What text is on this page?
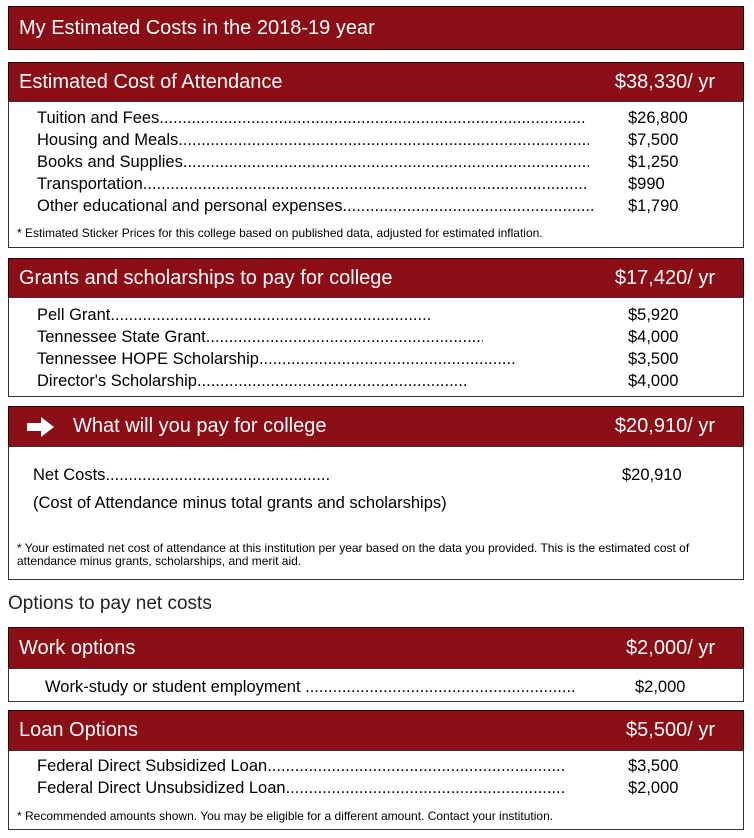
My Estimated Costs in the 2018-19 year
Estimated Cost of Attendance	$38,330/ yr
Tuition and Fees .....	$26,800
Housing and Meals .....	$7,500
Books and Supplies .....	$1,250
Transportation .....	$990
Other educational and personal expenses .....	$1,790
* Estimated Sticker Prices for this college based on published data, adjusted for estimated inflation.
Grants and scholarships to pay for college	$17,420/ yr
Pell Grant .....	$5,920
Tennessee State Grant .....	$4,000
Tennessee HOPE Scholarship .....	$3,500
Director's Scholarship .....	$4,000
What will you pay for college	$20,910/ yr
Net Costs .....	$20,910
(Cost of Attendance minus total grants and scholarships)
* Your estimated net cost of attendance at this institution per year based on the data you provided. This is the estimated cost of attendance minus grants, scholarships, and merit aid.
Options to pay net costs
Work options	$2,000/ yr
Work-study or student employment .....	$2,000
Loan Options	$5,500/ yr
Federal Direct Subsidized Loan .....	$3,500
Federal Direct Unsubsidized Loan .....	$2,000
* Recommended amounts shown. You may be eligible for a different amount. Contact your institution.
